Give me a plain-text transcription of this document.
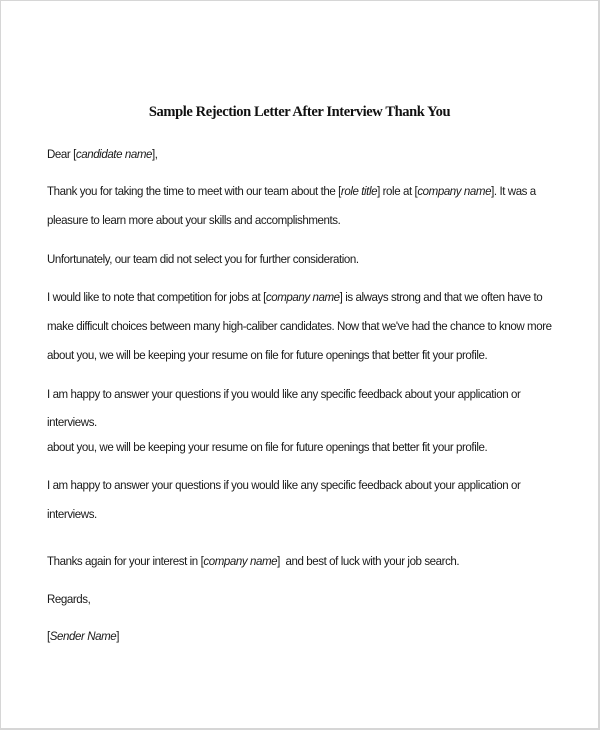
Sample Rejection Letter After Interview Thank You

Dear [candidate name],

Thank you for taking the time to meet with our team about the [role title] role at [company name]. It was a

pleasure to learn more about your skills and accomplishments.

Unfortunately, our team did not select you for further consideration.

I would like to note that competition for jobs at [company name] is always strong and that we often have to

make difficult choices between many high-caliber candidates. Now that we've had the chance to know more

about you, we will be keeping your resume on file for future openings that better fit your profile.

I am happy to answer your questions if you would like any specific feedback about your application or

interviews.

about you, we will be keeping your resume on file for future openings that better fit your profile.

I am happy to answer your questions if you would like any specific feedback about your application or

interviews.

Thanks again for your interest in [company name]  and best of luck with your job search.

Regards,

[Sender Name]
